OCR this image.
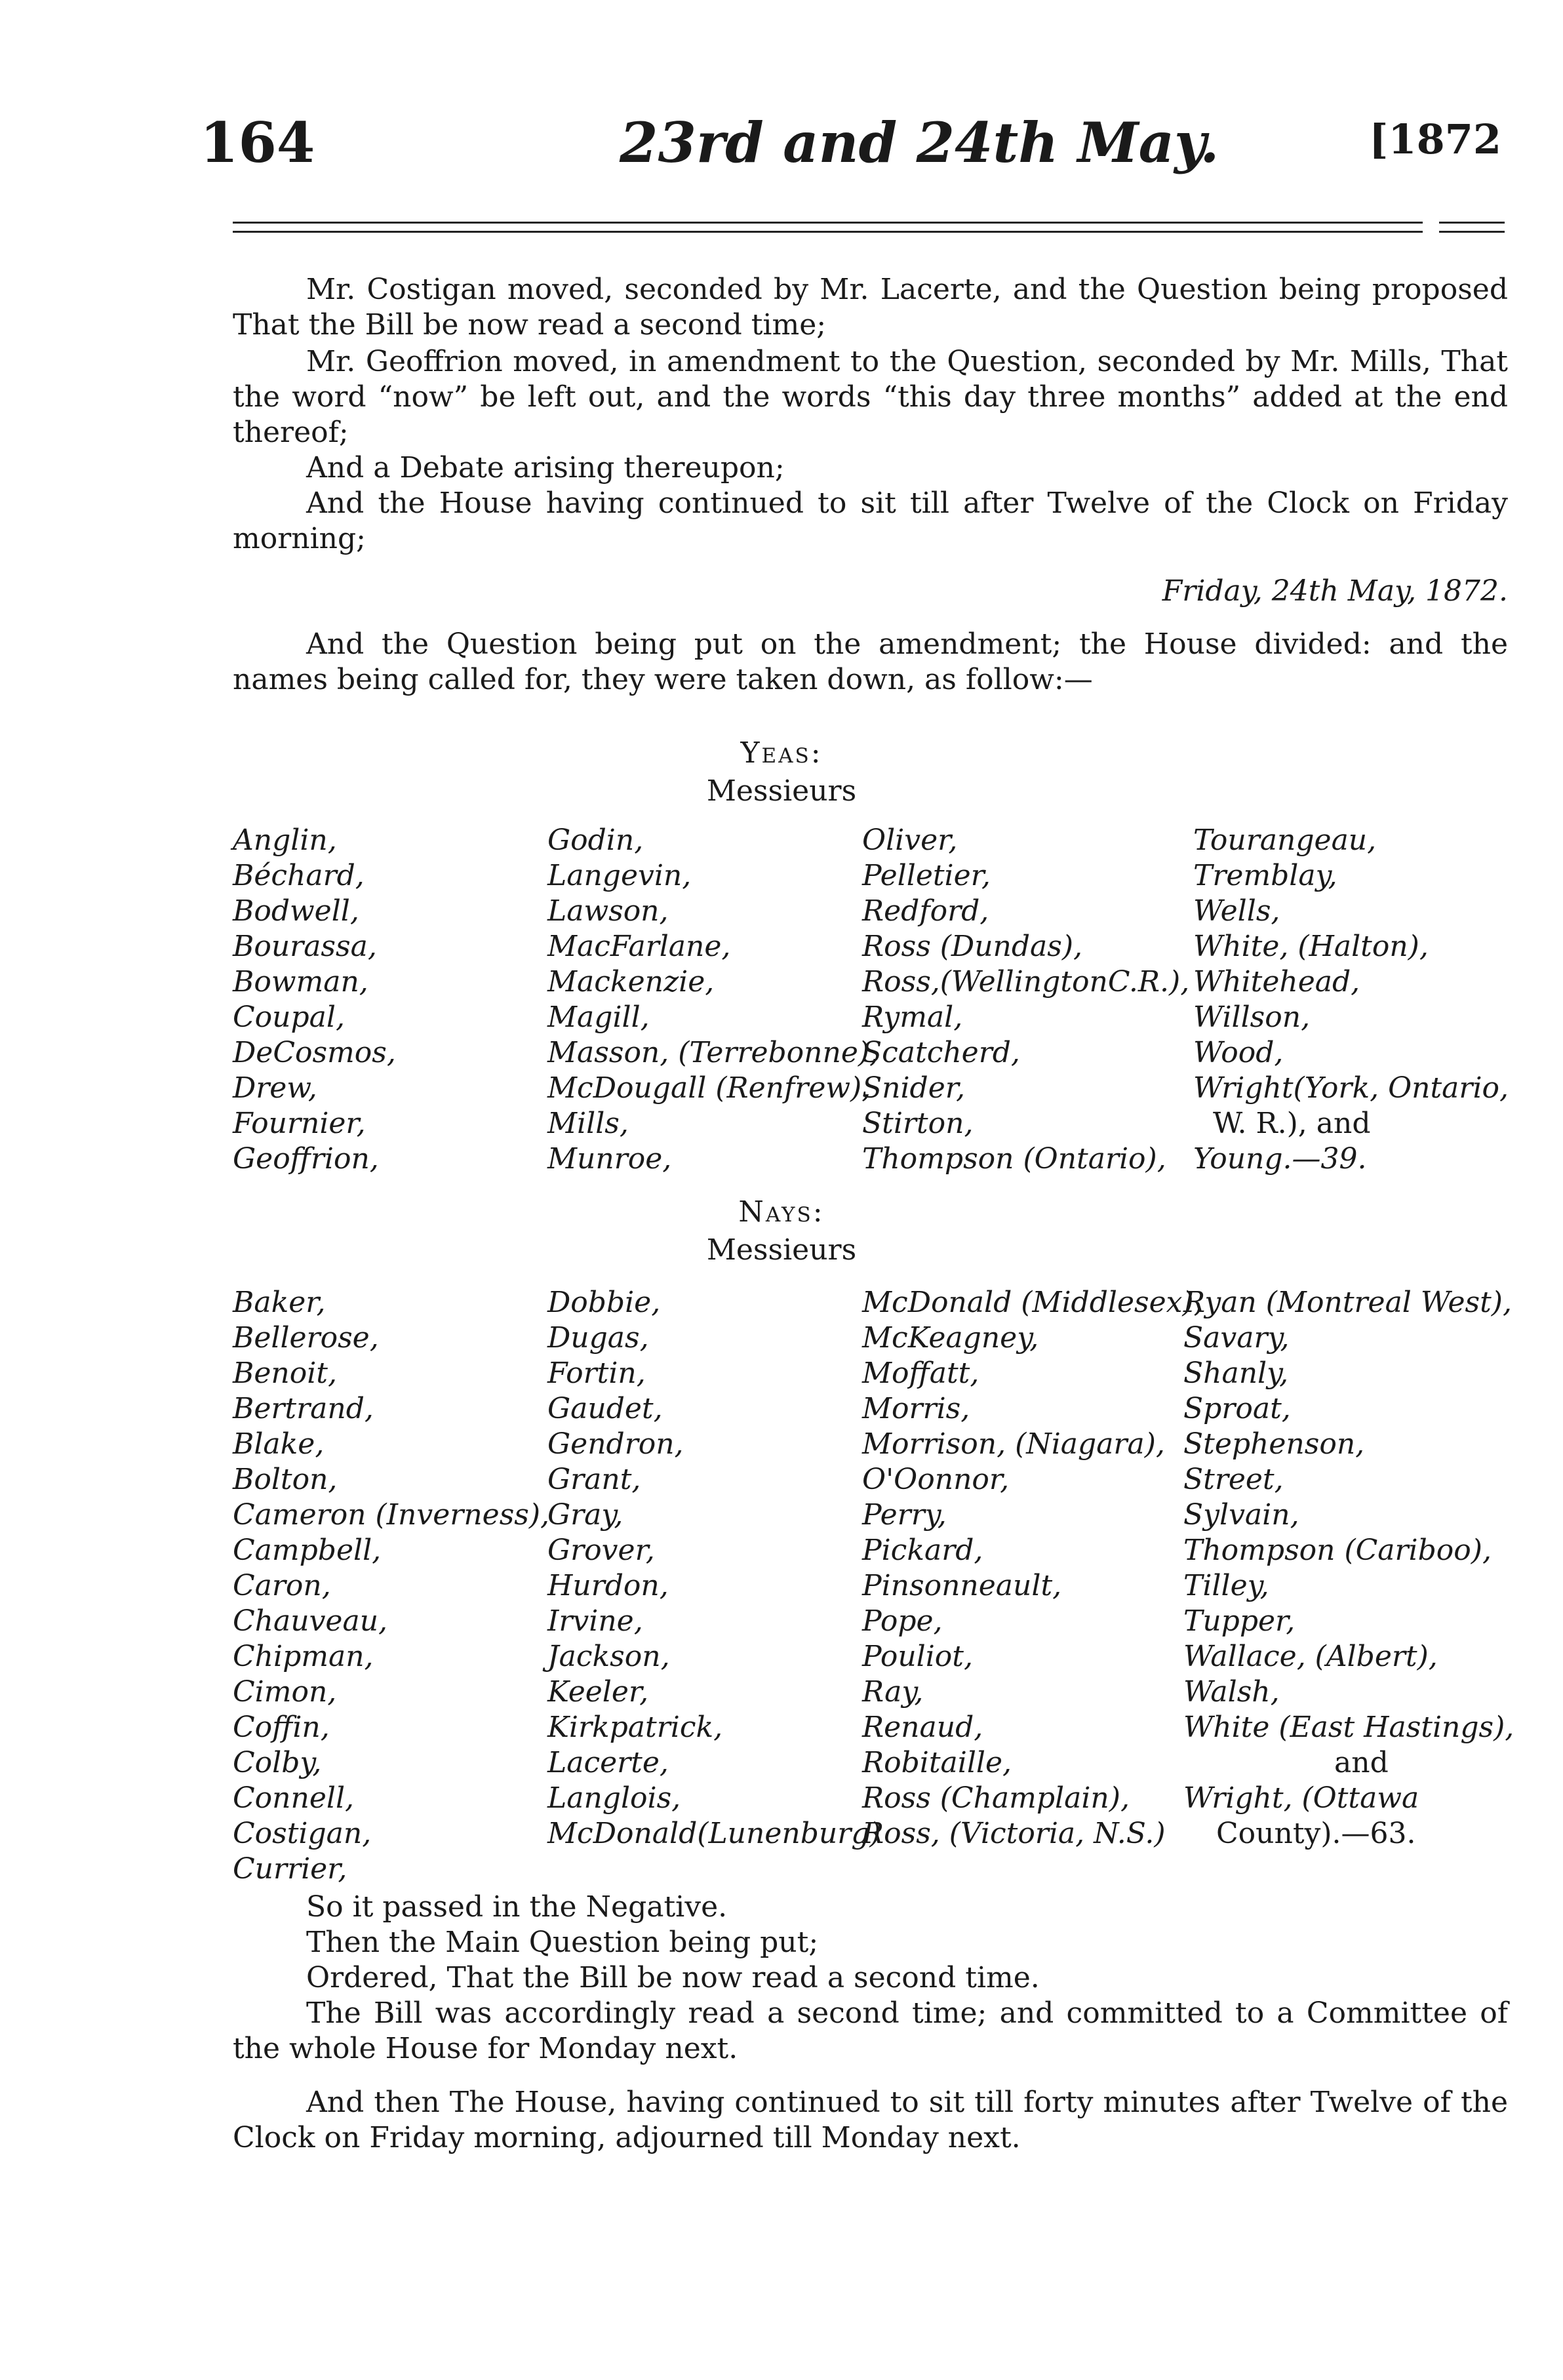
164	23rd and 24th May.	[1872

Mr. Costigan moved, seconded by Mr. Lacerte, and the Question being proposed That the Bill be now read a second time;

Mr. Geoffrion moved, in amendment to the Question, seconded by Mr. Mills, That the word “now” be left out, and the words “this day three months” added at the end thereof;

And a Debate arising thereupon;

And the House having continued to sit till after Twelve of the Clock on Friday morning;

Friday, 24th May, 1872.

And the Question being put on the amendment; the House divided: and the names being called for, they were taken down, as follow:—

Yeas:
Messieurs
Anglin,
Béchard,
Bodwell,
Bourassa,
Bowman,
Coupal,
DeCosmos,
Drew,
Fournier,
Geoffrion,
Godin,
Langevin,
Lawson,
MacFarlane,
Mackenzie,
Magill,
Masson, (Terrebonne),
McDougall (Renfrew),
Mills,
Munroe,
Oliver,
Pelletier,
Redford,
Ross (Dundas),
Ross,(WellingtonC.R.),
Rymal,
Scatcherd,
Snider,
Stirton,
Thompson (Ontario),
Tourangeau,
Tremblay,
Wells,
White, (Halton),
Whitehead,
Willson,
Wood,
Wright(York, Ontario,
W. R.), and
Young.—39.
Nays:
Messieurs
Baker,
Bellerose,
Benoit,
Bertrand,
Blake,
Bolton,
Cameron (Inverness),
Campbell,
Caron,
Chauveau,
Chipman,
Cimon,
Coffin,
Colby,
Connell,
Costigan,
Currier,
Dobbie,
Dugas,
Fortin,
Gaudet,
Gendron,
Grant,
Gray,
Grover,
Hurdon,
Irvine,
Jackson,
Keeler,
Kirkpatrick,
Lacerte,
Langlois,
McDonald(Lunenburg)
McDonald (Middlesex),
McKeagney,
Moffatt,
Morris,
Morrison, (Niagara),
O'Oonnor,
Perry,
Pickard,
Pinsonneault,
Pope,
Pouliot,
Ray,
Renaud,
Robitaille,
Ross (Champlain),
Ross, (Victoria, N.S.)
Ryan (Montreal West),
Savary,
Shanly,
Sproat,
Stephenson,
Street,
Sylvain,
Thompson (Cariboo),
Tilley,
Tupper,
Wallace, (Albert),
Walsh,
White (East Hastings),
and
Wright, (Ottawa
County).—63.

So it passed in the Negative.

Then the Main Question being put;

Ordered, That the Bill be now read a second time.

The Bill was accordingly read a second time; and committed to a Committee of the whole House for Monday next.

And then The House, having continued to sit till forty minutes after Twelve of the Clock on Friday morning, adjourned till Monday next.
